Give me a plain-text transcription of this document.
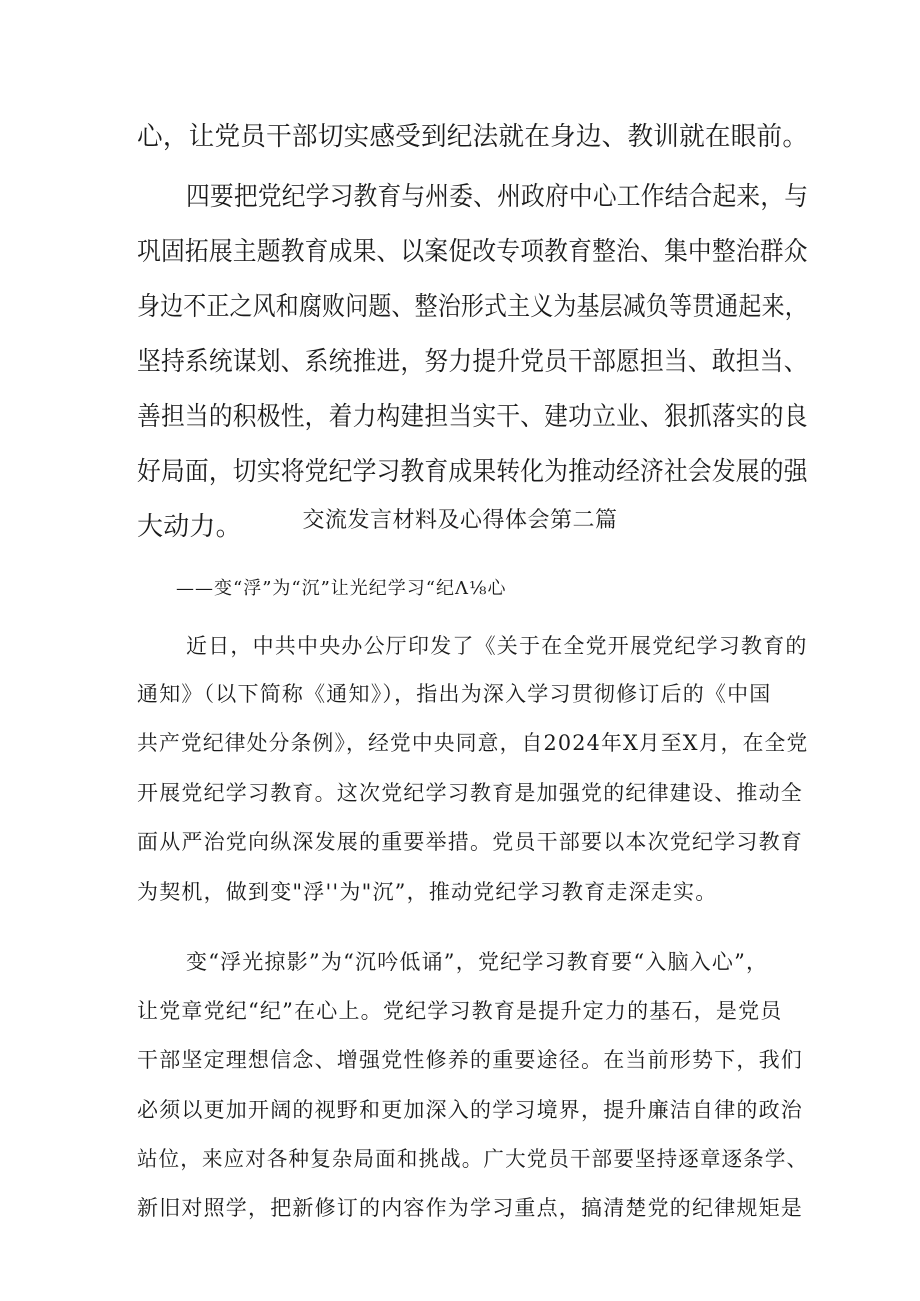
心，让党员干部切实感受到纪法就在身边、教训就在眼前。
四要把党纪学习教育与州委、州政府中心工作结合起来，与
巩固拓展主题教育成果、以案促改专项教育整治、集中整治群众
身边不正之风和腐败问题、整治形式主义为基层减负等贯通起来，
坚持系统谋划、系统推进，努力提升党员干部愿担当、敢担当、
善担当的积极性，着力构建担当实干、建功立业、狠抓落实的良
好局面，切实将党纪学习教育成果转化为推动经济社会发展的强
大动力。	交流发言材料及心得体会第二篇
——变“浮”为“沉”让光纪学习“纪Λ⅛心
近日，中共中央办公厅印发了《关于在全党开展党纪学习教育的
通知》（以下简称《通知》），指出为深入学习贯彻修订后的《中国
共产党纪律处分条例》，经党中央同意，自2024年X月至X月，在全党
开展党纪学习教育。这次党纪学习教育是加强党的纪律建设、推动全
面从严治党向纵深发展的重要举措。党员干部要以本次党纪学习教育
为契机，做到变"浮''为"沉”，推动党纪学习教育走深走实。
变“浮光掠影”为“沉吟低诵”，党纪学习教育要“入脑入心”，
让党章党纪“纪”在心上。党纪学习教育是提升定力的基石，是党员
干部坚定理想信念、增强党性修养的重要途径。在当前形势下，我们
必须以更加开阔的视野和更加深入的学习境界，提升廉洁自律的政治
站位，来应对各种复杂局面和挑战。广大党员干部要坚持逐章逐条学、
新旧对照学，把新修订的内容作为学习重点，搞清楚党的纪律规矩是
